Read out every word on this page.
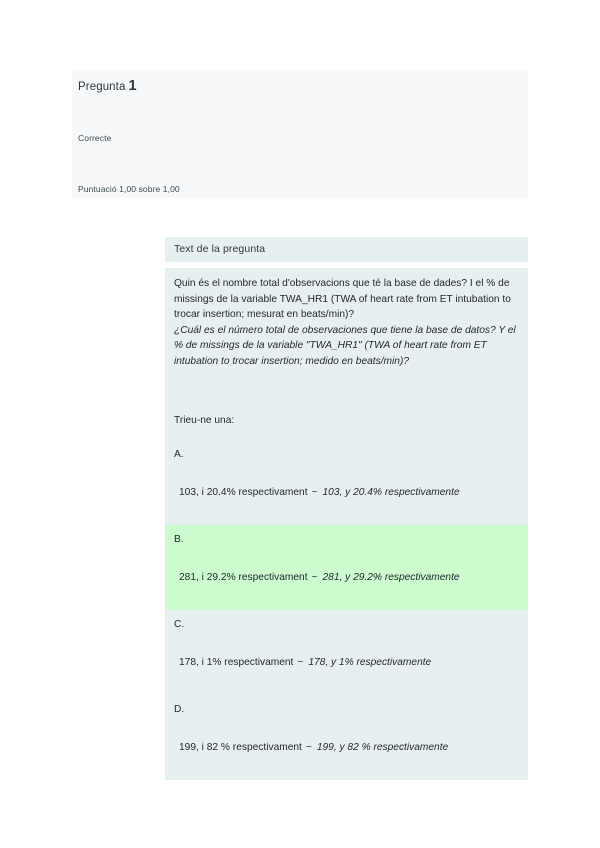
Pregunta 1
Correcte
Puntuació 1,00 sobre 1,00
Text de la pregunta
Quin és el nombre total d'observacions que té la base de dades? I el % de missings de la variable TWA_HR1 (TWA of heart rate from ET intubation to trocar insertion; mesurat en beats/min)?
¿Cuál es el número total de observaciones que tiene la base de datos? Y el % de missings de la variable "TWA_HR1" (TWA of heart rate from ET intubation to trocar insertion; medido en beats/min)?
Trieu-ne una:
A.
103, i 20.4% respectivament ~ 103, y 20.4% respectivamente
B.
281, i 29.2% respectivament ~ 281, y 29.2% respectivamente
C.
178, i 1% respectivament ~ 178, y 1% respectivamente
D.
199, i 82 % respectivament ~ 199, y 82 % respectivamente
